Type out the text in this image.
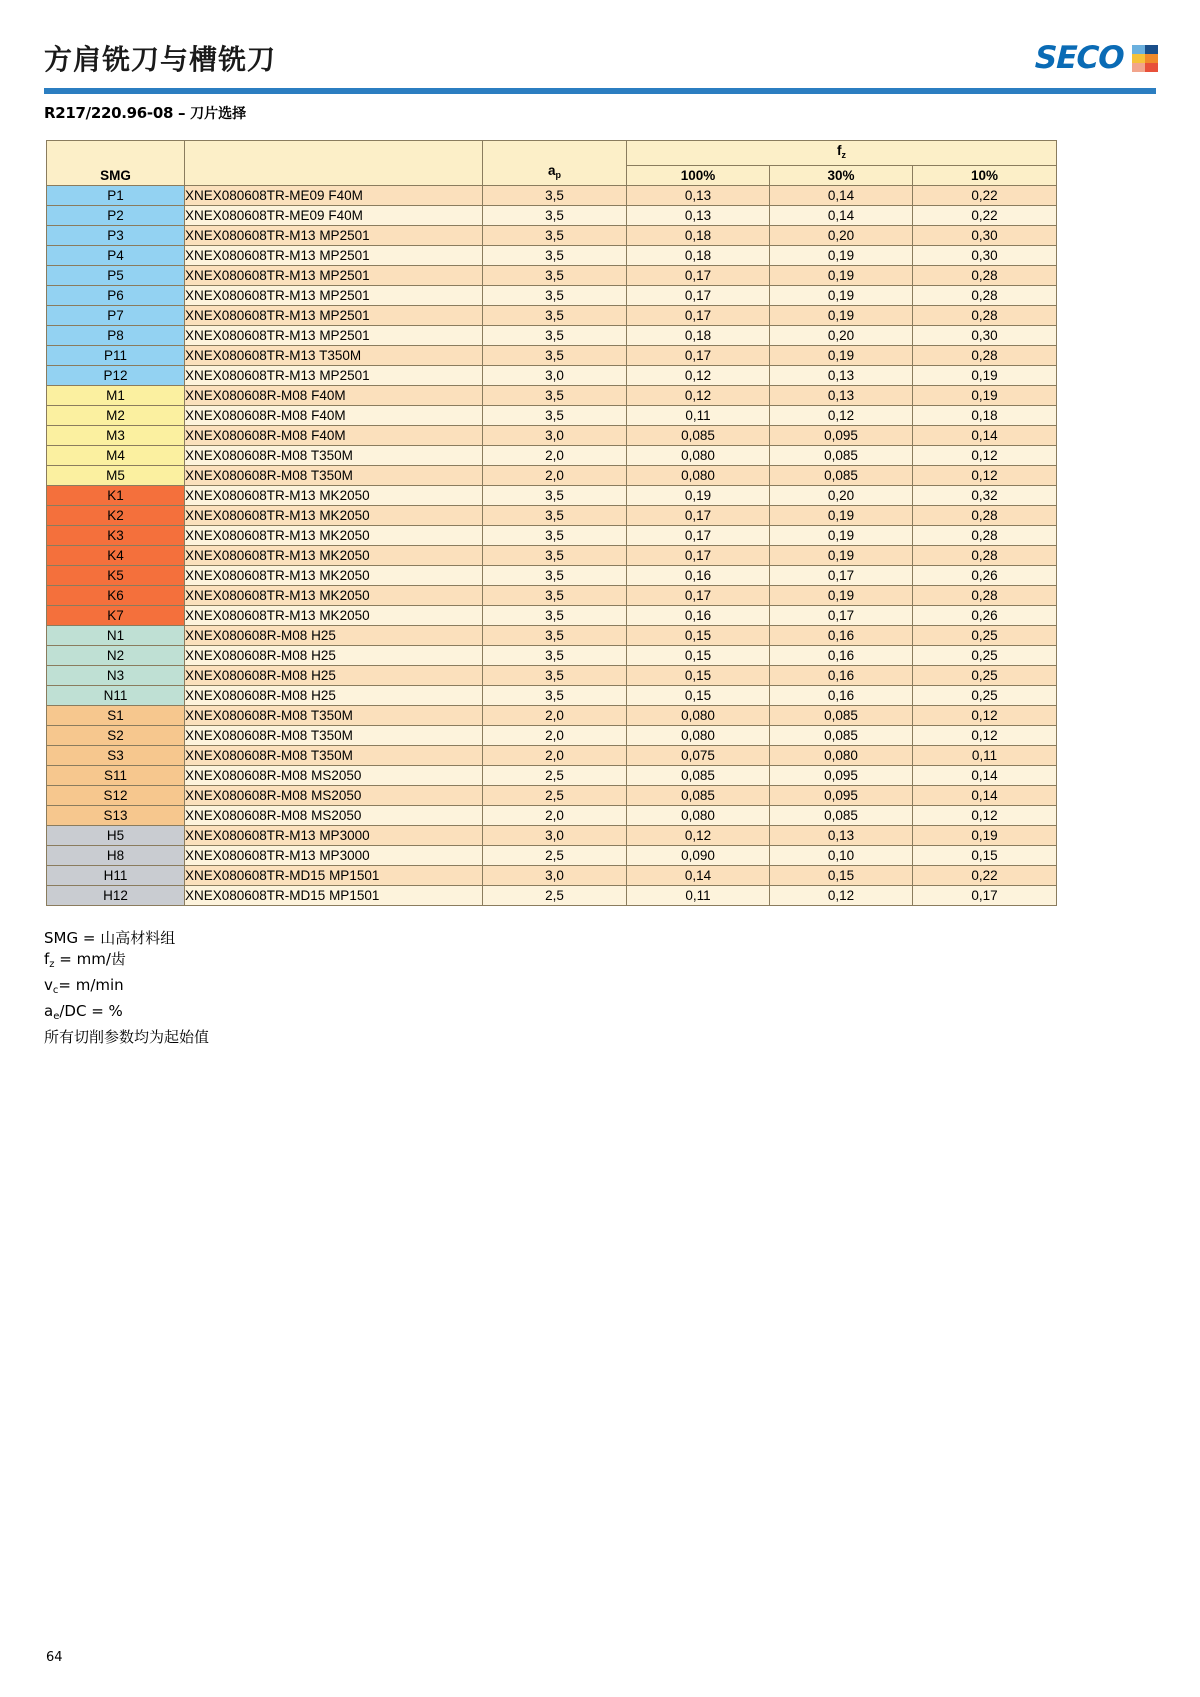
方肩铣刀与槽铣刀	SECO
R217/220.96-08 – 刀片选择
SMG		$a_p$	$f_z$
			100%	30%	10%
P1	XNEX080608TR-ME09 F40M	3,5	0,13	0,14	0,22
P2	XNEX080608TR-ME09 F40M	3,5	0,13	0,14	0,22
P3	XNEX080608TR-M13 MP2501	3,5	0,18	0,20	0,30
P4	XNEX080608TR-M13 MP2501	3,5	0,18	0,19	0,30
P5	XNEX080608TR-M13 MP2501	3,5	0,17	0,19	0,28
P6	XNEX080608TR-M13 MP2501	3,5	0,17	0,19	0,28
P7	XNEX080608TR-M13 MP2501	3,5	0,17	0,19	0,28
P8	XNEX080608TR-M13 MP2501	3,5	0,18	0,20	0,30
P11	XNEX080608TR-M13 T350M	3,5	0,17	0,19	0,28
P12	XNEX080608TR-M13 MP2501	3,0	0,12	0,13	0,19
M1	XNEX080608R-M08 F40M	3,5	0,12	0,13	0,19
M2	XNEX080608R-M08 F40M	3,5	0,11	0,12	0,18
M3	XNEX080608R-M08 F40M	3,0	0,085	0,095	0,14
M4	XNEX080608R-M08 T350M	2,0	0,080	0,085	0,12
M5	XNEX080608R-M08 T350M	2,0	0,080	0,085	0,12
K1	XNEX080608TR-M13 MK2050	3,5	0,19	0,20	0,32
K2	XNEX080608TR-M13 MK2050	3,5	0,17	0,19	0,28
K3	XNEX080608TR-M13 MK2050	3,5	0,17	0,19	0,28
K4	XNEX080608TR-M13 MK2050	3,5	0,17	0,19	0,28
K5	XNEX080608TR-M13 MK2050	3,5	0,16	0,17	0,26
K6	XNEX080608TR-M13 MK2050	3,5	0,17	0,19	0,28
K7	XNEX080608TR-M13 MK2050	3,5	0,16	0,17	0,26
N1	XNEX080608R-M08 H25	3,5	0,15	0,16	0,25
N2	XNEX080608R-M08 H25	3,5	0,15	0,16	0,25
N3	XNEX080608R-M08 H25	3,5	0,15	0,16	0,25
N11	XNEX080608R-M08 H25	3,5	0,15	0,16	0,25
S1	XNEX080608R-M08 T350M	2,0	0,080	0,085	0,12
S2	XNEX080608R-M08 T350M	2,0	0,080	0,085	0,12
S3	XNEX080608R-M08 T350M	2,0	0,075	0,080	0,11
S11	XNEX080608R-M08 MS2050	2,5	0,085	0,095	0,14
S12	XNEX080608R-M08 MS2050	2,5	0,085	0,095	0,14
S13	XNEX080608R-M08 MS2050	2,0	0,080	0,085	0,12
H5	XNEX080608TR-M13 MP3000	3,0	0,12	0,13	0,19
H8	XNEX080608TR-M13 MP3000	2,5	0,090	0,10	0,15
H11	XNEX080608TR-MD15 MP1501	3,0	0,14	0,15	0,22
H12	XNEX080608TR-MD15 MP1501	2,5	0,11	0,12	0,17
SMG = 山高材料组
$f_z = mm/$齿
$v_c= m/\min$
$a_e/DC$ = %
所有切削参数均为起始值
64
